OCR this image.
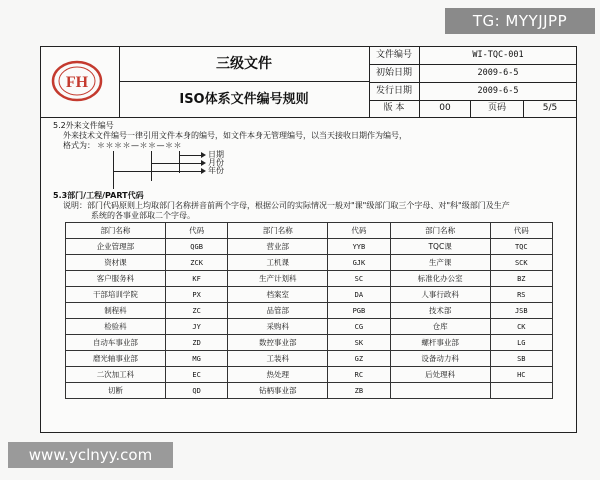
TG: MYYJJPP
FH
三级文件
ISO体系文件编号规则
文件编号	WI-TQC-001
初始日期	2009-6-5
发行日期	2009-6-5
版 本	00	页码	5/5
5.2外来文件编号
外来技术文件编号一律引用文件本身的编号，如文件本身无管理编号，以当天接收日期作为编号，
格式为： ＊＊＊＊—＊＊—＊＊
日期
月份
年份
5.3部门/工程/PART代码
说明：部门代码原则上均取部门名称拼音前两个字母，根据公司的实际情况一般对"课"级部门取三个字母、对"科"级部门及生产
系统的各事业部取二个字母。
部门名称	代码	部门名称	代码	部门名称	代码
企业管理部	QGB	营业部	YYB	TQC课	TQC
资材课	ZCK	工机课	GJK	生产课	SCK
客户服务科	KF	生产计划科	SC	标准化办公室	BZ
干部培训学院	PX	档案室	DA	人事行政科	RS
制程科	ZC	品管部	PGB	技术部	JSB
检验科	JY	采购科	CG	仓库	CK
自动车事业部	ZD	数控事业部	SK	螺杆事业部	LG
磨光轴事业部	MG	工装科	GZ	设备动力科	SB
二次加工科	EC	热处理	RC	后处理科	HC
切断	QD	钻柄事业部	ZB		
www.yclnyy.com
